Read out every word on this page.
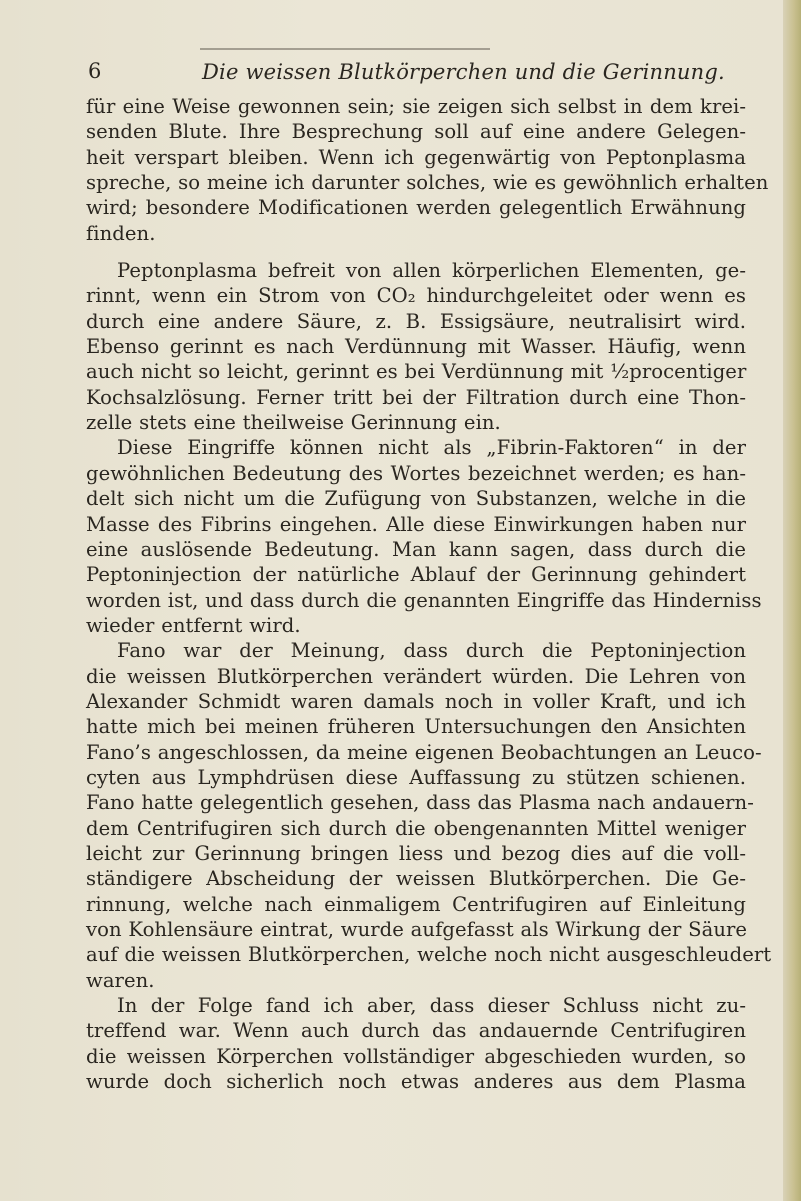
6	Die weissen Blutkörperchen und die Gerinnung.
für eine Weise gewonnen sein; sie zeigen sich selbst in dem krei-
senden Blute. Ihre Besprechung soll auf eine andere Gelegen-
heit verspart bleiben. Wenn ich gegenwärtig von Peptonplasma
spreche, so meine ich darunter solches, wie es gewöhnlich erhalten
wird; besondere Modificationen werden gelegentlich Erwähnung
finden.
Peptonplasma befreit von allen körperlichen Elementen, ge-
rinnt, wenn ein Strom von CO₂ hindurchgeleitet oder wenn es
durch eine andere Säure, z. B. Essigsäure, neutralisirt wird.
Ebenso gerinnt es nach Verdünnung mit Wasser. Häufig, wenn
auch nicht so leicht, gerinnt es bei Verdünnung mit ½procentiger
Kochsalzlösung. Ferner tritt bei der Filtration durch eine Thon-
zelle stets eine theilweise Gerinnung ein.
Diese Eingriffe können nicht als „Fibrin-Faktoren“ in der
gewöhnlichen Bedeutung des Wortes bezeichnet werden; es han-
delt sich nicht um die Zufügung von Substanzen, welche in die
Masse des Fibrins eingehen. Alle diese Einwirkungen haben nur
eine auslösende Bedeutung. Man kann sagen, dass durch die
Peptoninjection der natürliche Ablauf der Gerinnung gehindert
worden ist, und dass durch die genannten Eingriffe das Hinderniss
wieder entfernt wird.
Fano war der Meinung, dass durch die Peptoninjection
die weissen Blutkörperchen verändert würden. Die Lehren von
Alexander Schmidt waren damals noch in voller Kraft, und ich
hatte mich bei meinen früheren Untersuchungen den Ansichten
Fano’s angeschlossen, da meine eigenen Beobachtungen an Leuco-
cyten aus Lymphdrüsen diese Auffassung zu stützen schienen.
Fano hatte gelegentlich gesehen, dass das Plasma nach andauern-
dem Centrifugiren sich durch die obengenannten Mittel weniger
leicht zur Gerinnung bringen liess und bezog dies auf die voll-
ständigere Abscheidung der weissen Blutkörperchen. Die Ge-
rinnung, welche nach einmaligem Centrifugiren auf Einleitung
von Kohlensäure eintrat, wurde aufgefasst als Wirkung der Säure
auf die weissen Blutkörperchen, welche noch nicht ausgeschleudert
waren.
In der Folge fand ich aber, dass dieser Schluss nicht zu-
treffend war. Wenn auch durch das andauernde Centrifugiren
die weissen Körperchen vollständiger abgeschieden wurden, so
wurde doch sicherlich noch etwas anderes aus dem Plasma
